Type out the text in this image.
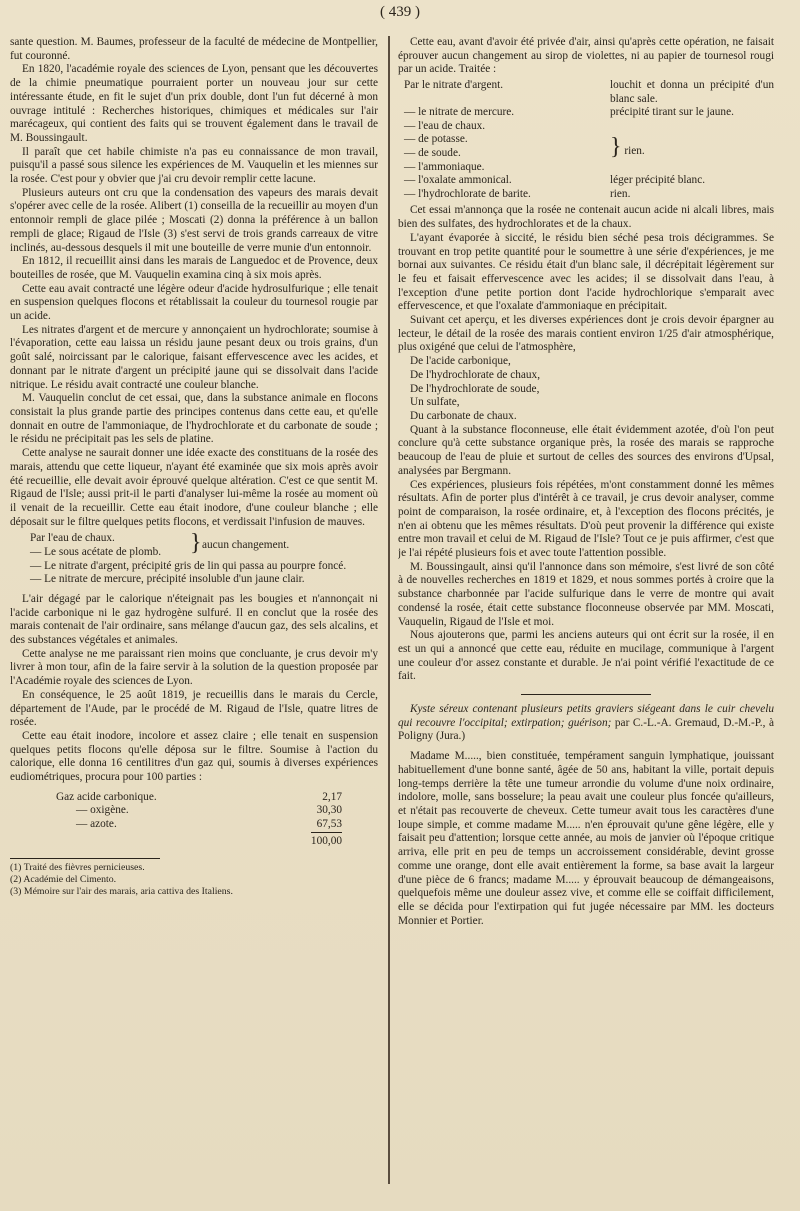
( 439 )

sante question. M. Baumes, professeur de la faculté de médecine de Montpellier, fut couronné.

En 1820, l'académie royale des sciences de Lyon, pensant que les découvertes de la chimie pneumatique pourraient porter un nouveau jour sur cette intéressante étude, en fit le sujet d'un prix double, dont l'un fut décerné à mon ouvrage intitulé : Recherches historiques, chimiques et médicales sur l'air marécageux, qui contient des faits qui se trouvent également dans le travail de M. Boussingault.

Il paraît que cet habile chimiste n'a pas eu connaissance de mon travail, puisqu'il a passé sous silence les expériences de M. Vauquelin et les miennes sur la rosée. C'est pour y obvier que j'ai cru devoir remplir cette lacune.

Plusieurs auteurs ont cru que la condensation des vapeurs des marais devait s'opérer avec celle de la rosée. Alibert (1) conseilla de la recueillir au moyen d'un entonnoir rempli de glace pilée ; Moscati (2) donna la préférence à un ballon rempli de glace; Rigaud de l'Isle (3) s'est servi de trois grands carreaux de vitre inclinés, au-dessous desquels il mit une bouteille de verre munie d'un entonnoir.

En 1812, il recueillit ainsi dans les marais de Languedoc et de Provence, deux bouteilles de rosée, que M. Vauquelin examina cinq à six mois après.

Cette eau avait contracté une légère odeur d'acide hydrosulfurique ; elle tenait en suspension quelques flocons et rétablissait la couleur du tournesol rougie par un acide.

Les nitrates d'argent et de mercure y annonçaient un hydrochlorate; soumise à l'évaporation, cette eau laissa un résidu jaune pesant deux ou trois grains, d'un goût salé, noircissant par le calorique, faisant effervescence avec les acides, et donnant par le nitrate d'argent un précipité jaune qui se dissolvait dans l'acide nitrique. Le résidu avait contracté une couleur blanche.

M. Vauquelin conclut de cet essai, que, dans la substance animale en flocons consistait la plus grande partie des principes contenus dans cette eau, et qu'elle donnait en outre de l'ammoniaque, de l'hydrochlorate et du carbonate de soude ; le résidu ne précipitait pas les sels de platine.

Cette analyse ne saurait donner une idée exacte des constituans de la rosée des marais, attendu que cette liqueur, n'ayant été examinée que six mois après avoir été recueillie, elle devait avoir éprouvé quelque altération. C'est ce que sentit M. Rigaud de l'Isle; aussi prit-il le parti d'analyser lui-même la rosée au moment où il venait de la recueillir. Cette eau était inodore, d'une couleur blanche ; elle déposait sur le filtre quelques petits flocons, et verdissait l'infusion de mauves.

Par l'eau de chaux.
— Le sous acétate de plomb.	}	aucun changement.

— Le nitrate d'argent, précipité gris de lin qui passa au pourpre foncé.

— Le nitrate de mercure, précipité insoluble d'un jaune clair.

L'air dégagé par le calorique n'éteignait pas les bougies et n'annonçait ni l'acide carbonique ni le gaz hydrogène sulfuré. Il en conclut que la rosée des marais contenait de l'air ordinaire, sans mélange d'aucun gaz, des sels alcalins, et des substances végétales et animales.

Cette analyse ne me paraissant rien moins que concluante, je crus devoir m'y livrer à mon tour, afin de la faire servir à la solution de la question proposée par l'Académie royale des sciences de Lyon.

En conséquence, le 25 août 1819, je recueillis dans le marais du Cercle, département de l'Aude, par le procédé de M. Rigaud de l'Isle, quatre litres de rosée.

Cette eau était inodore, incolore et assez claire ; elle tenait en suspension quelques petits flocons qu'elle déposa sur le filtre. Soumise à l'action du calorique, elle donna 16 centilitres d'un gaz qui, soumis à diverses expériences eudiométriques, procura pour 100 parties :

Gaz acide carbonique.	2,17
— oxigène.	30,30
— azote.	67,53
	100,00

(1) Traité des fièvres pernicieuses.

(2) Académie del Cimento.

(3) Mémoire sur l'air des marais, aria cattiva des Italiens.

Cette eau, avant d'avoir été privée d'air, ainsi qu'après cette opération, ne faisait éprouver aucun changement au sirop de violettes, ni au papier de tournesol rougi par un acide. Traitée :

Par le nitrate d'argent.	louchit et donna un précipité d'un blanc sale.
— le nitrate de mercure.	précipité tirant sur le jaune.
— l'eau de chaux.	} rien.
— de potasse.	
— de soude.	
— l'ammoniaque.	
— l'oxalate ammonical.	léger précipité blanc.
— l'hydrochlorate de barite.	rien.

Cet essai m'annonça que la rosée ne contenait aucun acide ni alcali libres, mais bien des sulfates, des hydrochlorates et de la chaux.

L'ayant évaporée à siccité, le résidu bien séché pesa trois décigrammes. Se trouvant en trop petite quantité pour le soumettre à une série d'expériences, je me bornai aux suivantes. Ce résidu était d'un blanc sale, il décrépitait légèrement sur le feu et faisait effervescence avec les acides; il se dissolvait dans l'eau, à l'exception d'une petite portion dont l'acide hydrochlorique s'emparait avec effervescence, et que l'oxalate d'ammoniaque en précipitait.

Suivant cet aperçu, et les diverses expériences dont je crois devoir épargner au lecteur, le détail de la rosée des marais contient environ 1/25 d'air atmosphérique, plus oxigéné que celui de l'atmosphère,

De l'acide carbonique,
De l'hydrochlorate de chaux,
De l'hydrochlorate de soude,
Un sulfate,
Du carbonate de chaux.

Quant à la substance floconneuse, elle était évidemment azotée, d'où l'on peut conclure qu'à cette substance organique près, la rosée des marais se rapproche beaucoup de l'eau de pluie et surtout de celles des sources des environs d'Upsal, analysées par Bergmann.

Ces expériences, plusieurs fois répétées, m'ont constamment donné les mêmes résultats. Afin de porter plus d'intérêt à ce travail, je crus devoir analyser, comme point de comparaison, la rosée ordinaire, et, à l'exception des flocons précités, je n'en ai obtenu que les mêmes résultats. D'où peut provenir la différence qui existe entre mon travail et celui de M. Rigaud de l'Isle? Tout ce je puis affirmer, c'est que je l'ai répété plusieurs fois et avec toute l'attention possible.

M. Boussingault, ainsi qu'il l'annonce dans son mémoire, s'est livré de son côté à de nouvelles recherches en 1819 et 1829, et nous sommes portés à croire que la substance charbonnée par l'acide sulfurique dans le verre de montre qui avait condensé la rosée, était cette substance floconneuse observée par MM. Moscati, Vauquelin, Rigaud de l'Isle et moi.

Nous ajouterons que, parmi les anciens auteurs qui ont écrit sur la rosée, il en est un qui a annoncé que cette eau, réduite en mucilage, communique à l'argent une couleur d'or assez constante et durable. Je n'ai point vérifié l'exactitude de ce fait.

Kyste séreux contenant plusieurs petits graviers siégeant dans le cuir chevelu qui recouvre l'occipital; extirpation; guérison; par C.-L.-A. Gremaud, D.-M.-P., à Poligny (Jura.)

Madame M....., bien constituée, tempérament sanguin lymphatique, jouissant habituellement d'une bonne santé, âgée de 50 ans, habitant la ville, portait depuis long-temps derrière la tête une tumeur arrondie du volume d'une noix ordinaire, indolore, molle, sans bosselure; la peau avait une couleur plus foncée qu'ailleurs, et n'était pas recouverte de cheveux. Cette tumeur avait tous les caractères d'une loupe simple, et comme madame M..... n'en éprouvait qu'une gêne légère, elle y faisait peu d'attention; lorsque cette année, au mois de janvier où l'époque critique arriva, elle prit en peu de temps un accroissement considérable, devint grosse comme une orange, dont elle avait entièrement la forme, sa base avait la largeur d'une pièce de 6 francs; madame M..... y éprouvait beaucoup de démangeaisons, quelquefois même une douleur assez vive, et comme elle se coiffait difficilement, elle se décida pour l'extirpation qui fut jugée nécessaire par MM. les docteurs Monnier et Portier.
